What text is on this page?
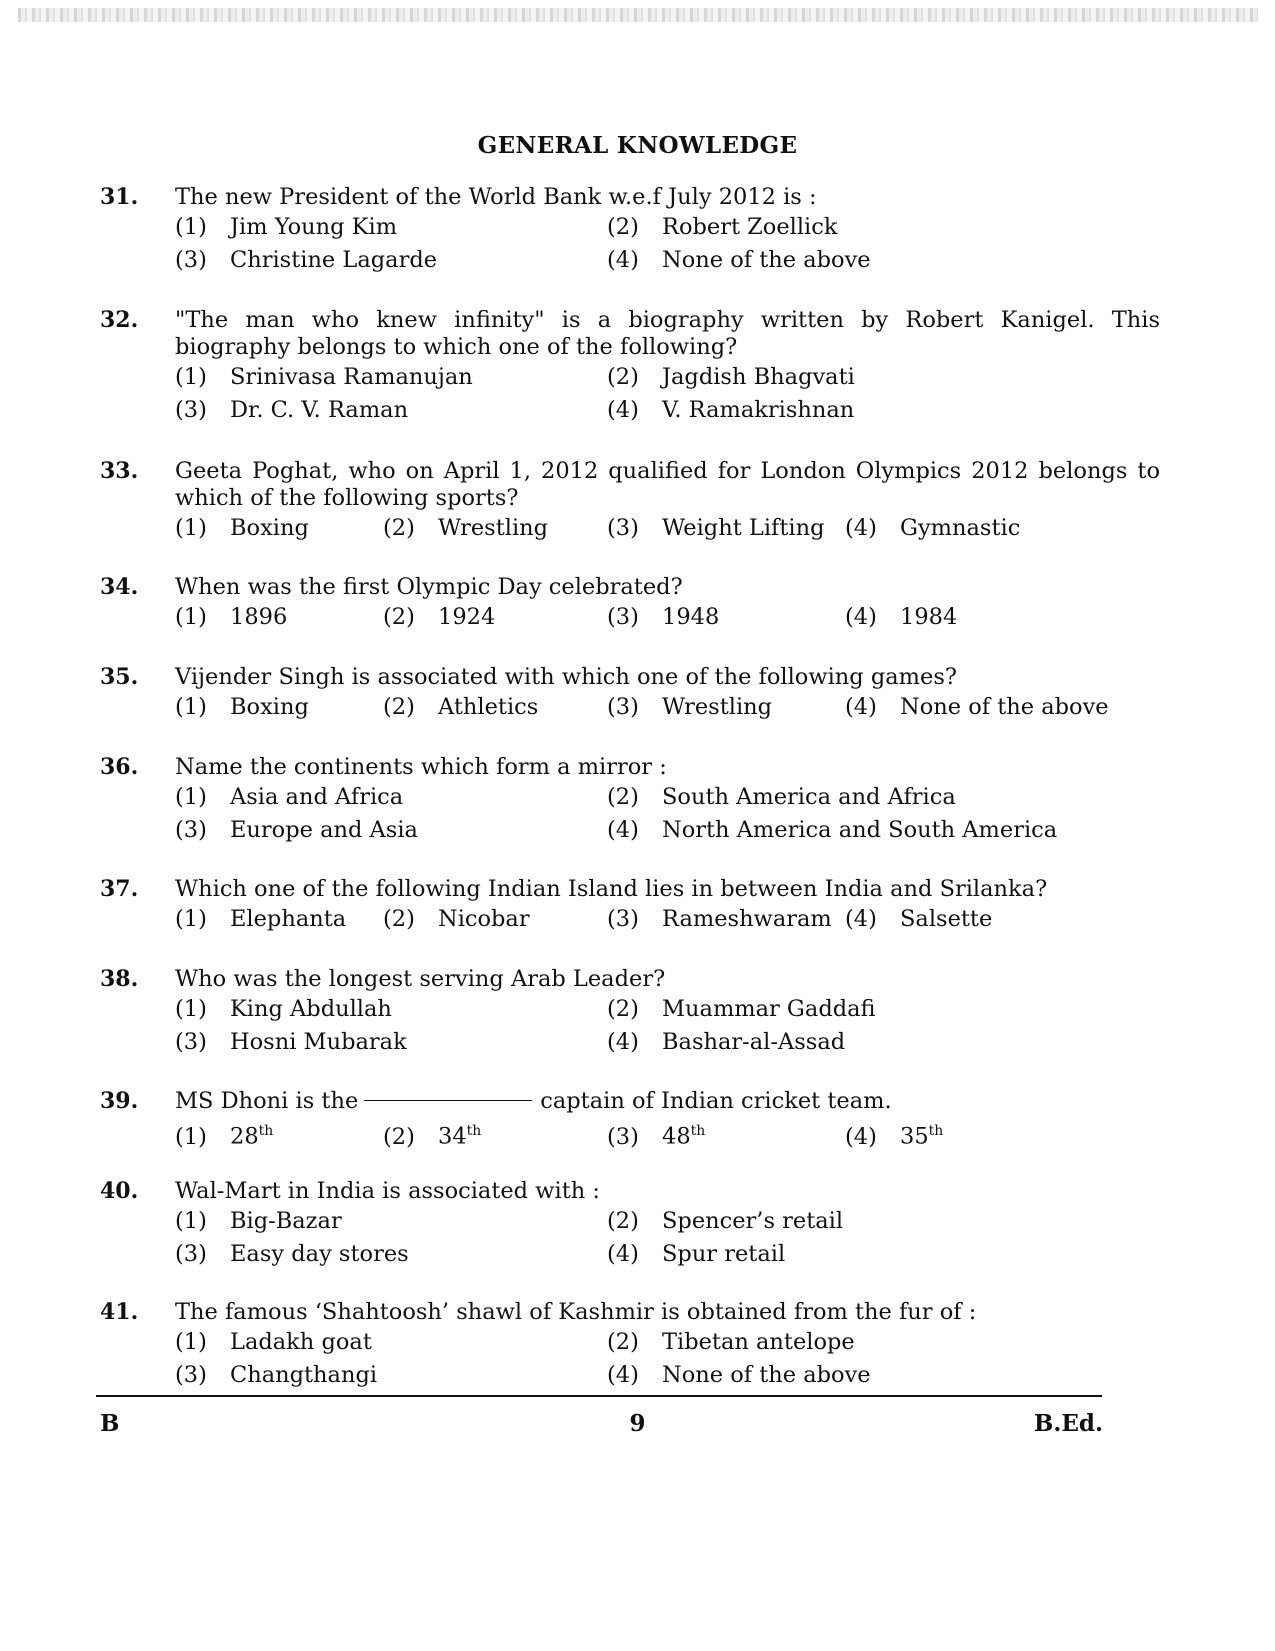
GENERAL KNOWLEDGE
31.	The new President of the World Bank w.e.f July 2012 is :
(1) Jim Young Kim	(2) Robert Zoellick
(3) Christine Lagarde	(4) None of the above
32.	"The man who knew infinity" is a biography written by Robert Kanigel. This biography belongs to which one of the following?
(1) Srinivasa Ramanujan	(2) Jagdish Bhagvati
(3) Dr. C. V. Raman	(4) V. Ramakrishnan
33.	Geeta Poghat, who on April 1, 2012 qualified for London Olympics 2012 belongs to which of the following sports?
(1) Boxing	(2) Wrestling	(3) Weight Lifting (4) Gymnastic
34.	When was the first Olympic Day celebrated?
(1) 1896	(2) 1924	(3) 1948	(4) 1984
35.	Vijender Singh is associated with which one of the following games?
(1) Boxing	(2) Athletics	(3) Wrestling	(4) None of the above
36.	Name the continents which form a mirror :
(1) Asia and Africa	(2) South America and Africa
(3) Europe and Asia	(4) North America and South America
37.	Which one of the following Indian Island lies in between India and Srilanka?
(1) Elephanta (2) Nicobar	(3) Rameshwaram (4) Salsette
38.	Who was the longest serving Arab Leader?
(1) King Abdullah	(2) Muammar Gaddafi
(3) Hosni Mubarak	(4) Bashar-al-Assad
39.	MS Dhoni is the	captain of Indian cricket team.
(1) 28th	(2) 34th	(3) 48th	(4) 35th
40.	Wal-Mart in India is associated with :
(1) Big-Bazar	(2) Spencer’s retail
(3) Easy day stores	(4) Spur retail
41.	The famous ‘Shahtoosh’ shawl of Kashmir is obtained from the fur of :
(1) Ladakh goat	(2) Tibetan antelope
(3) Changthangi	(4) None of the above
B	9	B.Ed.
